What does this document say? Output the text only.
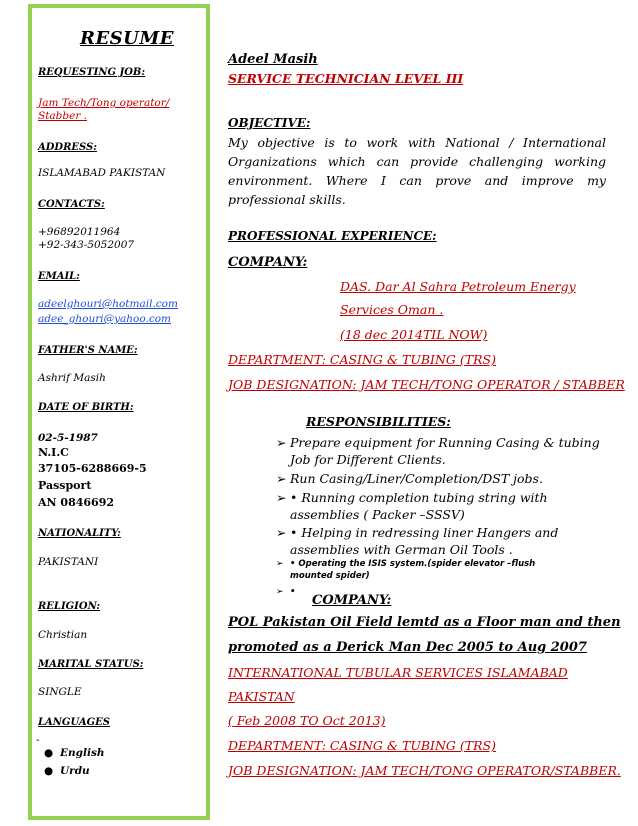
RESUME
REQUESTING JOB:
Jam Tech/Tong operator/
Stabber .
ADDRESS:
ISLAMABAD PAKISTAN
CONTACTS:
+96892011964
+92-343-5052007
EMAIL:
adeelghouri@hotmail.com
adee_ghouri@yahoo.com
FATHER'S NAME:
Ashrif Masih
DATE OF BIRTH:
02-5-1987
N.I.C
37105-6288669-5
Passport
AN 0846692
NATIONALITY:
PAKISTANI
RELIGION:
Christian
MARITAL STATUS:
SINGLE
LANGUAGES
-
● English
● Urdu
Adeel Masih
SERVICE TECHNICIAN LEVEL III
OBJECTIVE:
My objective is to work with National / International Organizations which can provide challenging working environment. Where I can prove and improve my professional skills.
PROFESSIONAL EXPERIENCE:
COMPANY:
DAS. Dar Al Sahra Petroleum Energy
Services Oman .
(18 dec 2014TIL NOW)
DEPARTMENT: CASING & TUBING (TRS)
JOB DESIGNATION: JAM TECH/TONG OPERATOR / STABBER
RESPONSIBILITIES:
➢ Prepare equipment for Running Casing & tubing
Job for Different Clients.
➢ Run Casing/Liner/Completion/DST jobs.
➢ • Running completion tubing string with
assemblies ( Packer –SSSV)
➢ • Helping in redressing liner Hangers and
assemblies with German Oil Tools .
➢ • Operating the ISIS system.(spider elevator –flush
mounted spider)
➢ •
COMPANY:
POL Pakistan Oil Field lemtd as a Floor man and then
promoted as a Derick Man Dec 2005 to Aug 2007
INTERNATIONAL TUBULAR SERVICES ISLAMABAD
PAKISTAN
( Feb 2008 TO Oct 2013)
DEPARTMENT: CASING & TUBING (TRS)
JOB DESIGNATION: JAM TECH/TONG OPERATOR/STABBER.
